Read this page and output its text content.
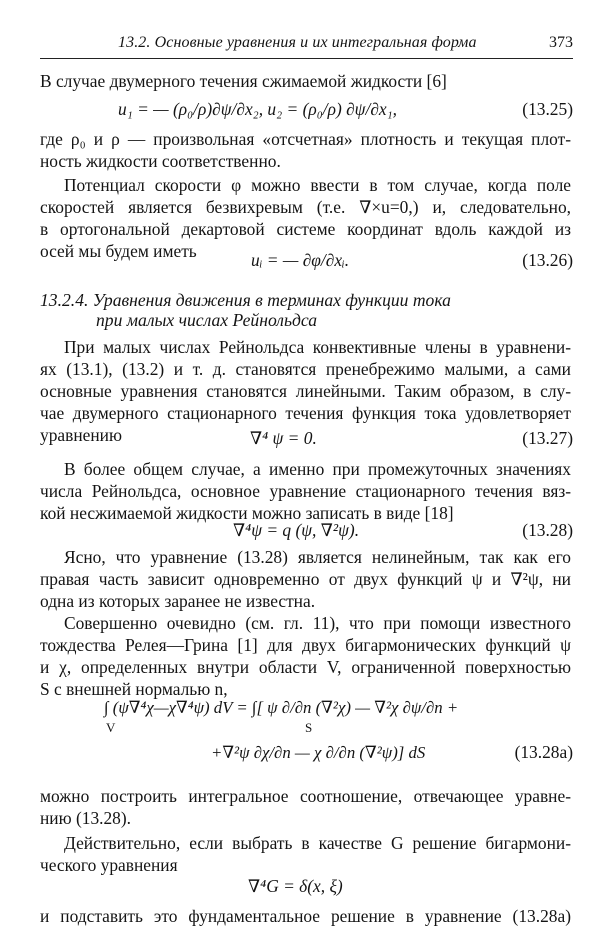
13.2. Основные уравнения и их интегральная форма	373
В случае двумерного течения сжимаемой жидкости [6]
u₁ = — (ρ₀/ρ)∂ψ/∂x₂, u₂ = (ρ₀/ρ) ∂ψ/∂x₁,	(13.25)
где ρ₀ и ρ — произвольная «отсчетная» плотность и текущая плот-
ность жидкости соответственно.
Потенциал скорости φ можно ввести в том случае, когда поле
скоростей является безвихревым (т.е. ∇×u=0,) и, следовательно,
в ортогональной декартовой системе координат вдоль каждой из
осей мы будем иметь	uᵢ = — ∂φ/∂xᵢ.	(13.26)
13.2.4. Уравнения движения в терминах функции тока
при малых числах Рейнольдса
При малых числах Рейнольдса конвективные члены в уравнени-
ях (13.1), (13.2) и т. д. становятся пренебрежимо малыми, а сами
основные уравнения становятся линейными. Таким образом, в слу-
чае двумерного стационарного течения функция тока удовлетворяет
уравнению	∇⁴ ψ = 0.	(13.27)
В более общем случае, а именно при промежуточных значениях
числа Рейнольдса, основное уравнение стационарного течения вяз-
кой несжимаемой жидкости можно записать в виде [18]
∇⁴ψ = q (ψ, ∇²ψ).	(13.28)
Ясно, что уравнение (13.28) является нелинейным, так как его
правая часть зависит одновременно от двух функций ψ и ∇²ψ, ни
одна из которых заранее не известна.
Совершенно очевидно (см. гл. 11), что при помощи известного
тождества Релея—Грина [1] для двух бигармонических функций ψ
и χ, определенных внутри области V, ограниченной поверхностью
S с внешней нормалью n,
∫ (ψ∇⁴χ—χ∇⁴ψ) dV = ∫[ ψ ∂/∂n (∇²χ) — ∇²χ ∂ψ/∂n +
V	S
+∇²ψ ∂χ/∂n — χ ∂/∂n (∇²ψ)] dS	(13.28a)
можно построить интегральное соотношение, отвечающее уравне-
нию (13.28).
Действительно, если выбрать в качестве G решение бигармони-
ческого уравнения
∇⁴G = δ(x, ξ)
и подставить это фундаментальное решение в уравнение (13.28a)
